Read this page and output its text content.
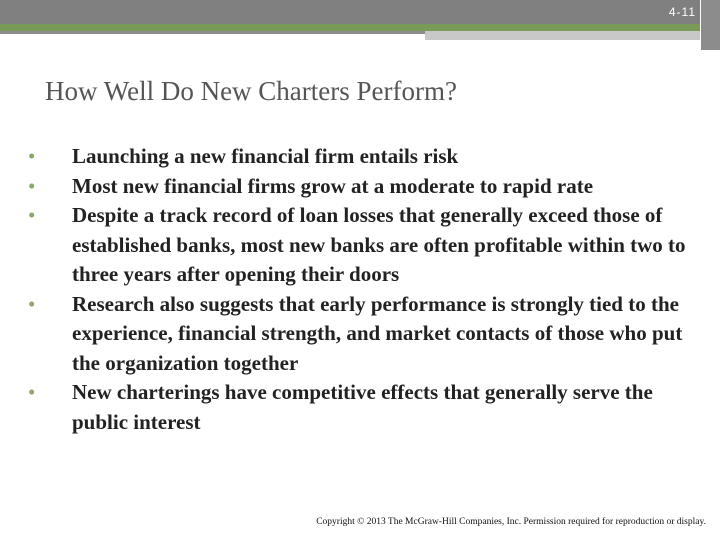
4-11
How Well Do New Charters Perform?
• Launching a new financial firm entails risk
• Most new financial firms grow at a moderate to rapid rate
• Despite a track record of loan losses that generally exceed those of established banks, most new banks are often profitable within two to three years after opening their doors
• Research also suggests that early performance is strongly tied to the experience, financial strength, and market contacts of those who put the organization together
• New charterings have competitive effects that generally serve the public interest
Copyright © 2013 The McGraw-Hill Companies, Inc. Permission required for reproduction or display.
